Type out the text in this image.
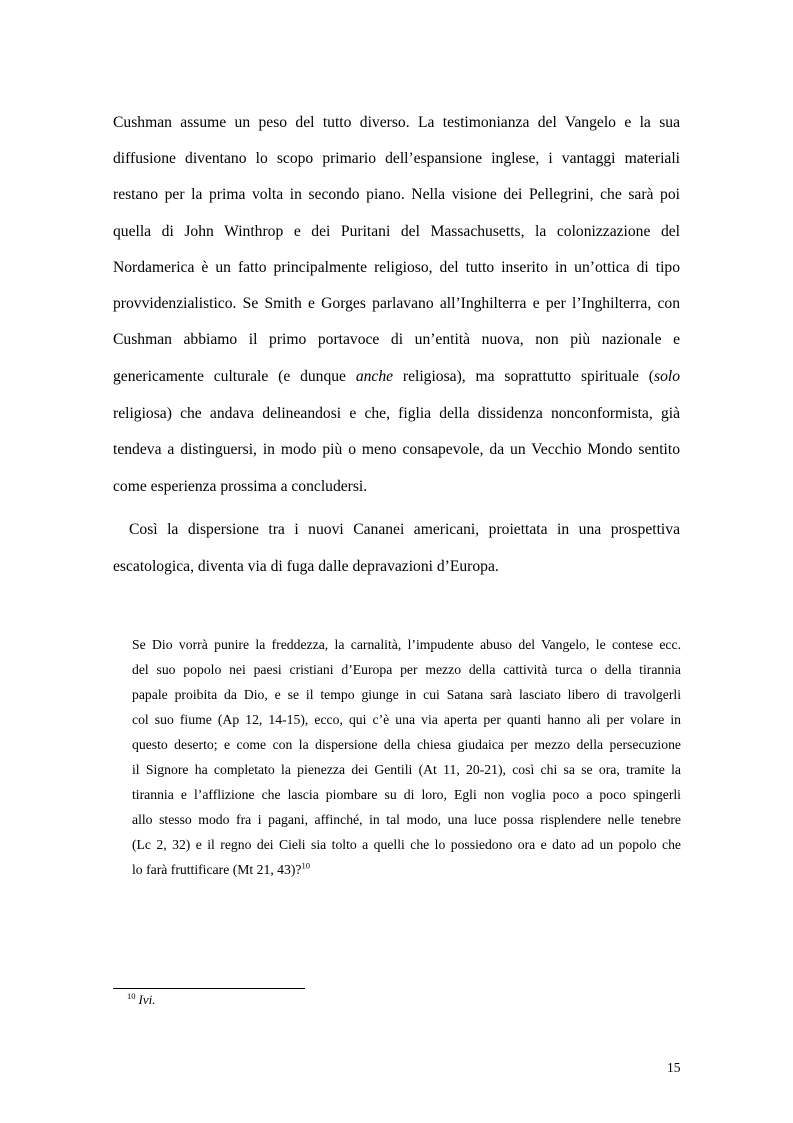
Cushman assume un peso del tutto diverso. La testimonianza del Vangelo e la sua
diffusione diventano lo scopo primario dell’espansione inglese, i vantaggi materiali
restano per la prima volta in secondo piano. Nella visione dei Pellegrini, che sarà poi
quella di John Winthrop e dei Puritani del Massachusetts, la colonizzazione del
Nordamerica è un fatto principalmente religioso, del tutto inserito in un’ottica di tipo
provvidenzialistico. Se Smith e Gorges parlavano all’Inghilterra e per l’Inghilterra, con
Cushman abbiamo il primo portavoce di un’entità nuova, non più nazionale e
genericamente culturale (e dunque anche religiosa), ma soprattutto spirituale (solo
religiosa) che andava delineandosi e che, figlia della dissidenza nonconformista, già
tendeva a distinguersi, in modo più o meno consapevole, da un Vecchio Mondo sentito
come esperienza prossima a concludersi.
Così la dispersione tra i nuovi Cananei americani, proiettata in una prospettiva
escatologica, diventa via di fuga dalle depravazioni d’Europa.
Se Dio vorrà punire la freddezza, la carnalità, l’impudente abuso del Vangelo, le contese ecc.
del suo popolo nei paesi cristiani d’Europa per mezzo della cattività turca o della tirannia
papale proibita da Dio, e se il tempo giunge in cui Satana sarà lasciato libero di travolgerli
col suo fiume (Ap 12, 14-15), ecco, qui c’è una via aperta per quanti hanno ali per volare in
questo deserto; e come con la dispersione della chiesa giudaica per mezzo della persecuzione
il Signore ha completato la pienezza dei Gentili (At 11, 20-21), così chi sa se ora, tramite la
tirannia e l’afflizione che lascia piombare su di loro, Egli non voglia poco a poco spingerli
allo stesso modo fra i pagani, affinché, in tal modo, una luce possa risplendere nelle tenebre
(Lc 2, 32) e il regno dei Cieli sia tolto a quelli che lo possiedono ora e dato ad un popolo che
lo farà fruttificare (Mt 21, 43)?$^{10}$
$^{10}$ Ivi.
15
